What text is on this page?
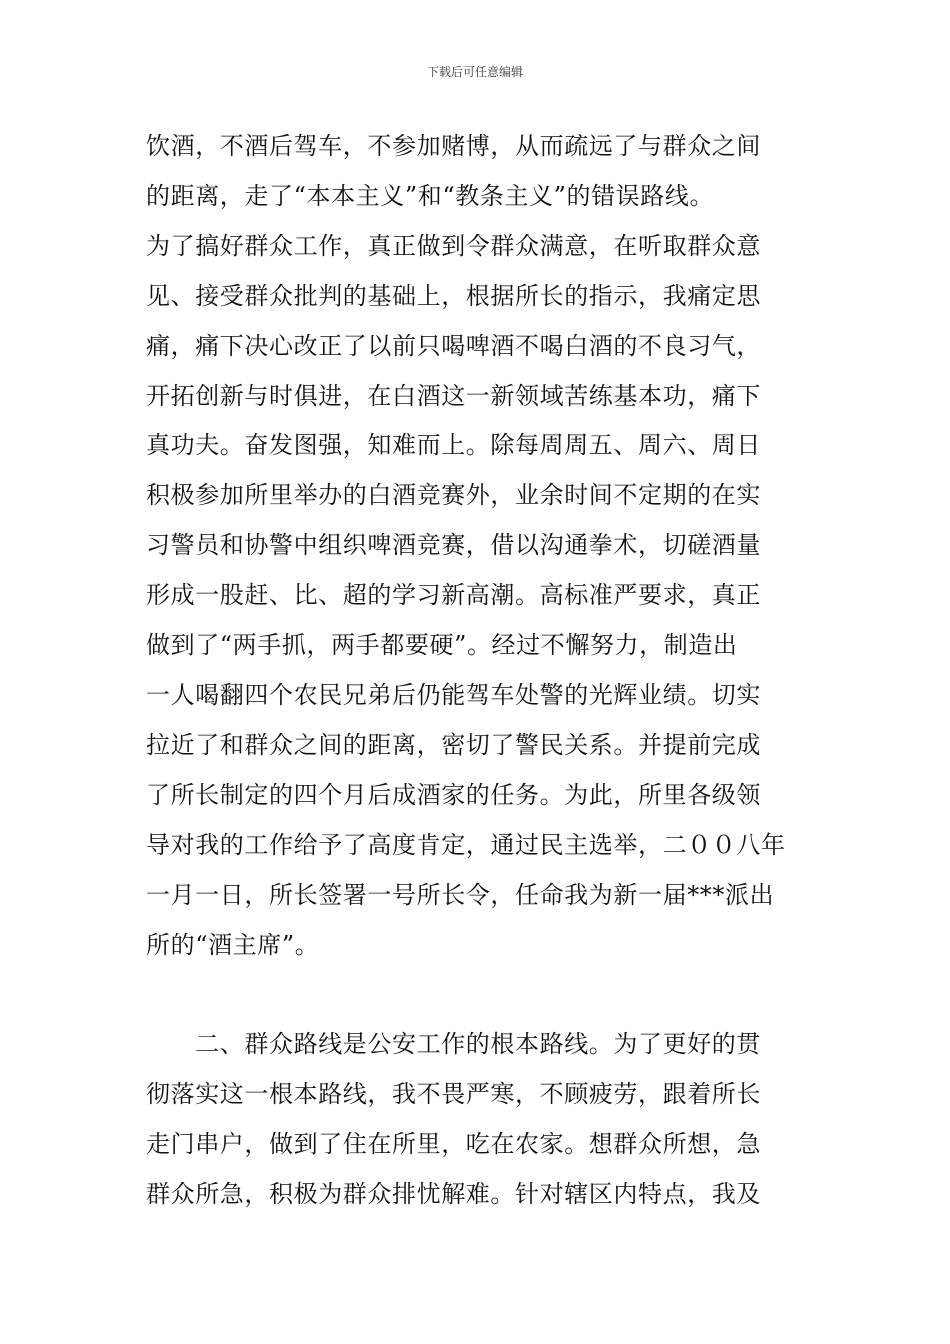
下载后可任意编辑
饮酒，不酒后驾车，不参加赌博，从而疏远了与群众之间
的距离，走了“本本主义”和“教条主义”的错误路线。
为了搞好群众工作，真正做到令群众满意，在听取群众意
见、接受群众批判的基础上，根据所长的指示，我痛定思
痛，痛下决心改正了以前只喝啤酒不喝白酒的不良习气，
开拓创新与时俱进，在白酒这一新领域苦练基本功，痛下
真功夫。奋发图强，知难而上。除每周周五、周六、周日
积极参加所里举办的白酒竞赛外，业余时间不定期的在实
习警员和协警中组织啤酒竞赛，借以沟通拳术，切磋酒量
形成一股赶、比、超的学习新高潮。高标准严要求，真正
做到了“两手抓，两手都要硬”。经过不懈努力，制造出
一人喝翻四个农民兄弟后仍能驾车处警的光辉业绩。切实
拉近了和群众之间的距离，密切了警民关系。并提前完成
了所长制定的四个月后成酒家的任务。为此，所里各级领
导对我的工作给予了高度肯定，通过民主选举，二００八年
一月一日，所长签署一号所长令，任命我为新一届***派出
所的“酒主席”。
　　二、群众路线是公安工作的根本路线。为了更好的贯
彻落实这一根本路线，我不畏严寒，不顾疲劳，跟着所长
走门串户，做到了住在所里，吃在农家。想群众所想，急
群众所急，积极为群众排忧解难。针对辖区内特点，我及
